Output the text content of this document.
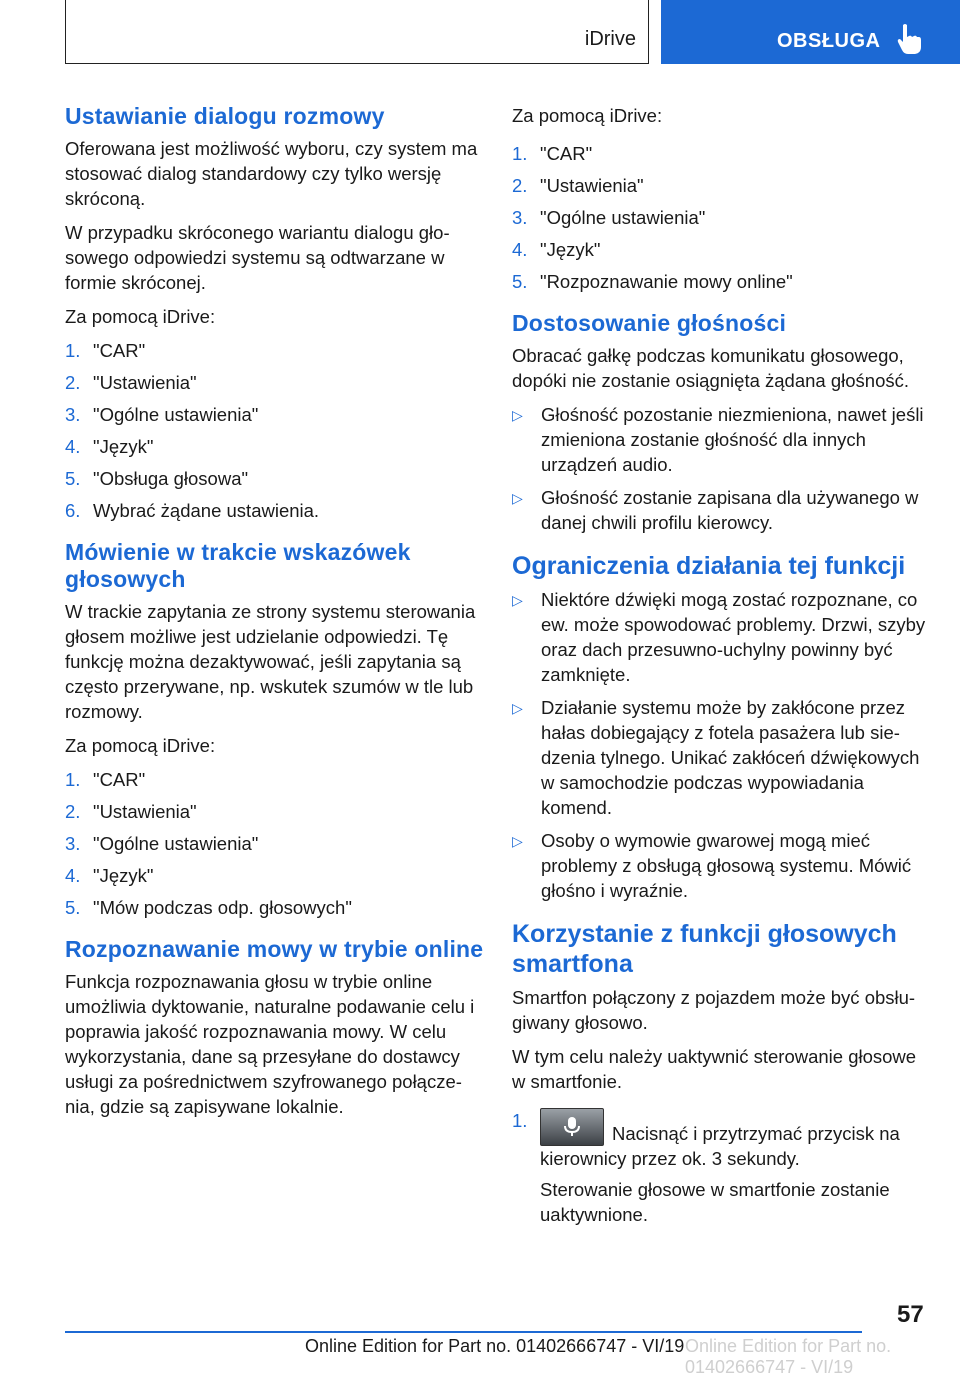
iDrive	OBSŁUGA
Ustawianie dialogu rozmowy

Oferowana jest możliwość wyboru, czy system ma stosować dialog standardowy czy tylko wersję skróconą.

W przypadku skróconego wariantu dialogu głosowego odpowiedzi systemu są odtwarzane w formie skróconej.

Za pomocą iDrive:

1. "CAR"
2. "Ustawienia"
3. "Ogólne ustawienia"
4. "Język"
5. "Obsługa głosowa"
6. Wybrać żądane ustawienia.
Mówienie w trakcie wskazówek głosowych

W trackie zapytania ze strony systemu sterowania głosem możliwe jest udzielanie odpowiedzi. Tę funkcję można dezaktywować, jeśli zapytania są często przerywane, np. wskutek szumów w tle lub rozmowy.

Za pomocą iDrive:

1. "CAR"
2. "Ustawienia"
3. "Ogólne ustawienia"
4. "Język"
5. "Mów podczas odp. głosowych"
Rozpoznawanie mowy w trybie online

Funkcja rozpoznawania głosu w trybie online umożliwia dyktowanie, naturalne podawanie celu i poprawia jakość rozpoznawania mowy. W celu wykorzystania, dane są przesyłane do dostawcy usługi za pośrednictwem szyfrowanego połączenia, gdzie są zapisywane lokalnie.

Za pomocą iDrive:

1. "CAR"
2. "Ustawienia"
3. "Ogólne ustawienia"
4. "Język"
5. "Rozpoznawanie mowy online"
Dostosowanie głośności

Obracać gałkę podczas komunikatu głosowego, dopóki nie zostanie osiągnięta żądana głośność.

▷ Głośność pozostanie niezmieniona, nawet jeśli zmieniona zostanie głośność dla innych urządzeń audio.
▷ Głośność zostanie zapisana dla używanego w danej chwili profilu kierowcy.
Ograniczenia działania tej funkcji
▷ Niektóre dźwięki mogą zostać rozpoznane, co ew. może spowodować problemy. Drzwi, szyby oraz dach przesuwno-uchylny powinny być zamknięte.
▷ Działanie systemu może by zakłócone przez hałas dobiegający z fotela pasażera lub siedzenia tylnego. Unikać zakłóceń dźwiękowych w samochodzie podczas wypowiadania komend.
▷ Osoby o wymowie gwarowej mogą mieć problemy z obsługą głosową systemu. Mówić głośno i wyraźnie.
Korzystanie z funkcji głosowych smartfona

Smartfon połączony z pojazdem może być obsługiwany głosowo.

W tym celu należy uaktywnić sterowanie głosowe w smartfonie.

1.
Nacisnąć i przytrzymać przycisk na kierownicy przez ok. 3 sekundy.
Sterowanie głosowe w smartfonie zostanie uaktywnione.
57
Online Edition for Part no. 01402666747 - VI/19 Online Edition for Part no. 01402666747 - VI/19
